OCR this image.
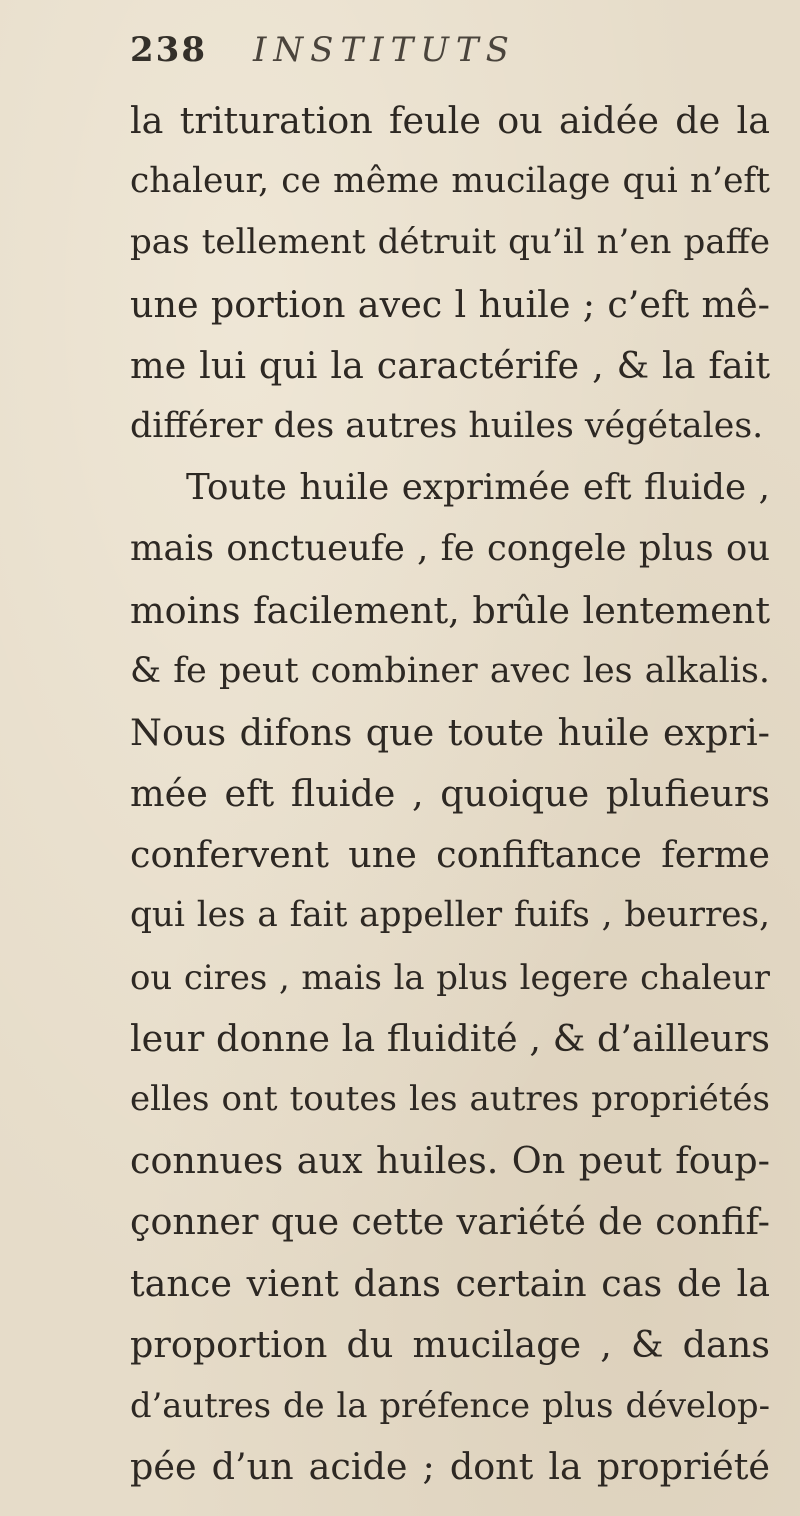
238 INSTITUTS
la trituration feule ou aidée de la
chaleur, ce même mucilage qui n’eft
pas tellement détruit qu’il n’en paffe
une portion avec l huile ; c’eft mê-
me lui qui la caractérife , & la fait
différer des autres huiles végétales.
Toute huile exprimée eft fluide ,
mais onctueufe , fe congele plus ou
moins facilement, brûle lentement
& fe peut combiner avec les alkalis.
Nous difons que toute huile expri-
mée eft fluide , quoique plufieurs
confervent une confiftance ferme
qui les a fait appeller fuifs , beurres,
ou cires , mais la plus legere chaleur
leur donne la fluidité , & d’ailleurs
elles ont toutes les autres propriétés
connues aux huiles. On peut foup-
çonner que cette variété de confif-
tance vient dans certain cas de la
proportion du mucilage , & dans
d’autres de la préfence plus dévelop-
pée d’un acide ; dont la propriété
